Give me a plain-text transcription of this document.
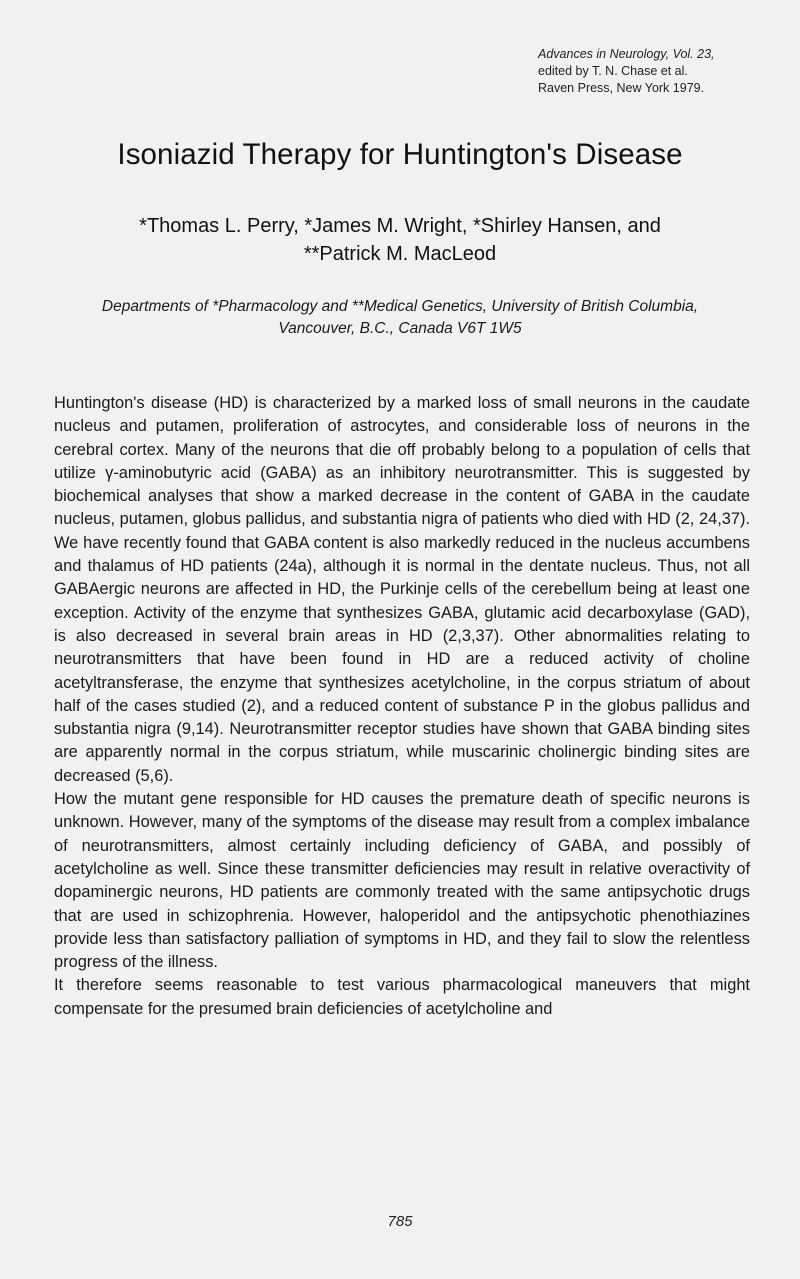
Advances in Neurology, Vol. 23,
edited by T. N. Chase et al.
Raven Press, New York 1979.
Isoniazid Therapy for Huntington's Disease
*Thomas L. Perry, *James M. Wright, *Shirley Hansen, and
**Patrick M. MacLeod
Departments of *Pharmacology and **Medical Genetics, University of British Columbia,
Vancouver, B.C., Canada V6T 1W5

Huntington's disease (HD) is characterized by a marked loss of small neurons in the caudate nucleus and putamen, proliferation of astrocytes, and considerable loss of neurons in the cerebral cortex. Many of the neurons that die off probably belong to a population of cells that utilize γ-aminobutyric acid (GABA) as an inhibitory neurotransmitter. This is suggested by biochemical analyses that show a marked decrease in the content of GABA in the caudate nucleus, putamen, globus pallidus, and substantia nigra of patients who died with HD (2, 24,37). We have recently found that GABA content is also markedly reduced in the nucleus accumbens and thalamus of HD patients (24a), although it is normal in the dentate nucleus. Thus, not all GABAergic neurons are affected in HD, the Purkinje cells of the cerebellum being at least one exception. Activity of the enzyme that synthesizes GABA, glutamic acid decarboxylase (GAD), is also decreased in several brain areas in HD (2,3,37). Other abnormalities relating to neurotransmitters that have been found in HD are a reduced activity of choline acetyltransferase, the enzyme that synthesizes acetylcholine, in the corpus striatum of about half of the cases studied (2), and a reduced content of substance P in the globus pallidus and substantia nigra (9,14). Neurotransmitter receptor studies have shown that GABA binding sites are apparently normal in the corpus striatum, while muscarinic cholinergic binding sites are decreased (5,6).

How the mutant gene responsible for HD causes the premature death of specific neurons is unknown. However, many of the symptoms of the disease may result from a complex imbalance of neurotransmitters, almost certainly including deficiency of GABA, and possibly of acetylcholine as well. Since these transmitter deficiencies may result in relative overactivity of dopaminergic neurons, HD patients are commonly treated with the same antipsychotic drugs that are used in schizophrenia. However, haloperidol and the antipsychotic phenothiazines provide less than satisfactory palliation of symptoms in HD, and they fail to slow the relentless progress of the illness.

It therefore seems reasonable to test various pharmacological maneuvers that might compensate for the presumed brain deficiencies of acetylcholine and

785
